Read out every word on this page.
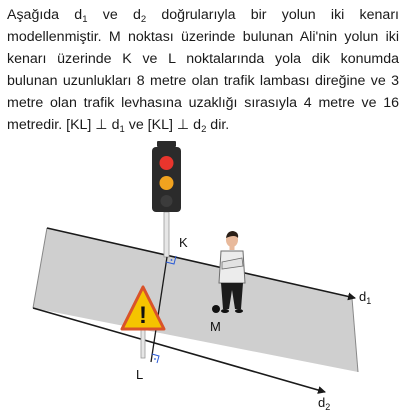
Aşağıda $d_1$ ve $d_2$ doğrularıyla bir yolun iki kenarı modellenmiştir. M noktası üzerinde bulunan Ali'nin yolun iki kenarı üzerinde K ve L noktalarında yola dik konumda bulunan uzunlukları 8 metre olan trafik lambası direğine ve 3 metre olan trafik levhasına uzaklığı sırasıyla 4 metre ve 16 metredir. [KL] ⊥ $d_1$ ve [KL] ⊥ $d_2$ dir.

!
K
L
M
$d_1$
$d_2$
